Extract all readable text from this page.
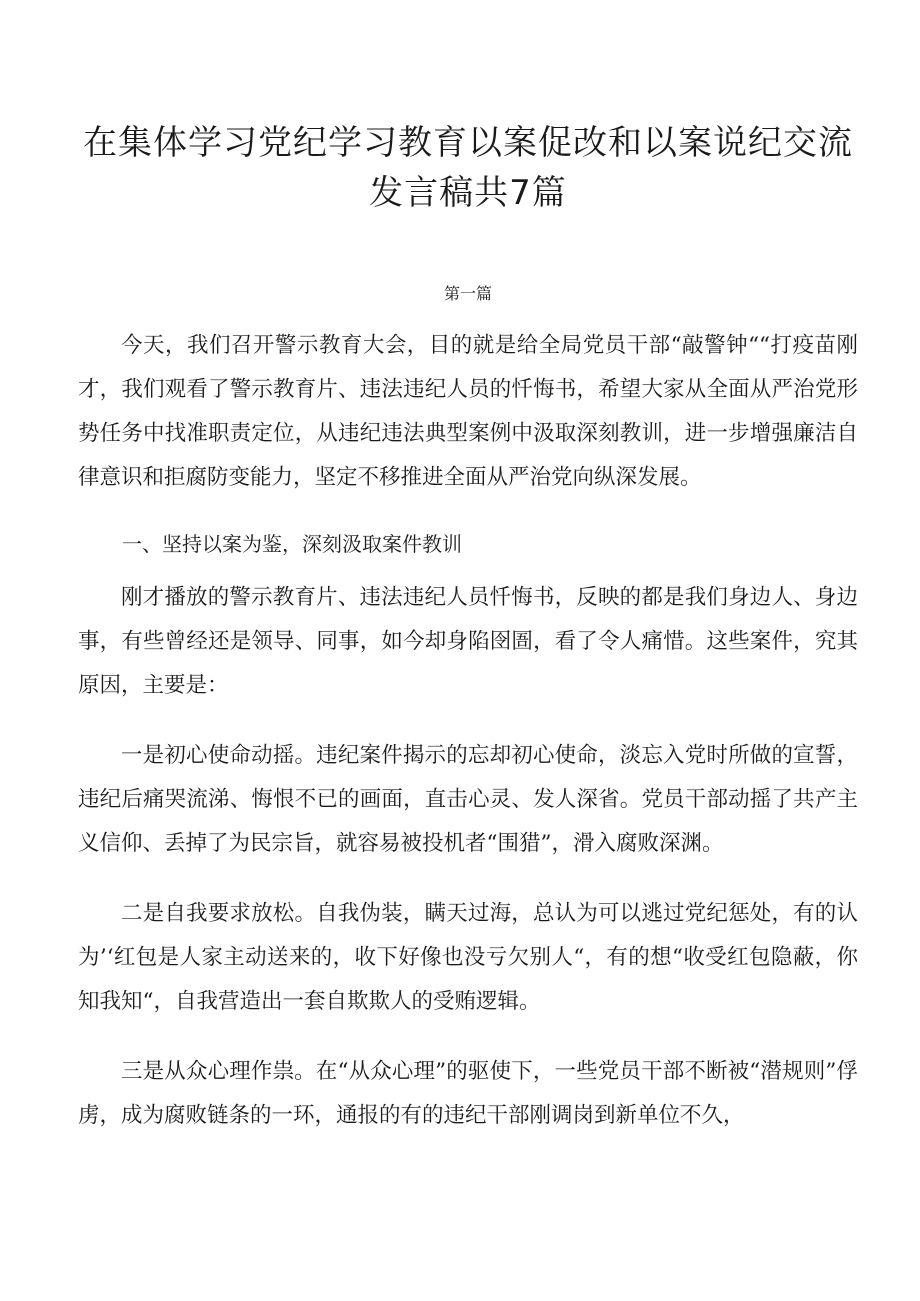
在集体学习党纪学习教育以案促改和以案说纪交流
发言稿共7篇
第一篇

今天，我们召开警示教育大会，目的就是给全局党员干部“敲警钟““打疫苗刚才，我们观看了警示教育片、违法违纪人员的忏悔书，希望大家从全面从严治党形势任务中找准职责定位，从违纪违法典型案例中汲取深刻教训，进一步增强廉洁自律意识和拒腐防变能力，坚定不移推进全面从严治党向纵深发展。

一、坚持以案为鉴，深刻汲取案件教训

刚才播放的警示教育片、违法违纪人员忏悔书，反映的都是我们身边人、身边事，有些曾经还是领导、同事，如今却身陷囹圄，看了令人痛惜。这些案件，究其原因，主要是：

一是初心使命动摇。违纪案件揭示的忘却初心使命，淡忘入党时所做的宣誓，违纪后痛哭流涕、悔恨不已的画面，直击心灵、发人深省。党员干部动摇了共产主义信仰、丢掉了为民宗旨，就容易被投机者“围猎”，滑入腐败深渊。

二是自我要求放松。自我伪装，瞒天过海，总认为可以逃过党纪惩处，有的认为’‘红包是人家主动送来的，收下好像也没亏欠别人“，有的想“收受红包隐蔽，你知我知“，自我营造出一套自欺欺人的受贿逻辑。

三是从众心理作祟。在“从众心理”的驱使下，一些党员干部不断被“潜规则”俘虏，成为腐败链条的一环，通报的有的违纪干部刚调岗到新单位不久，
